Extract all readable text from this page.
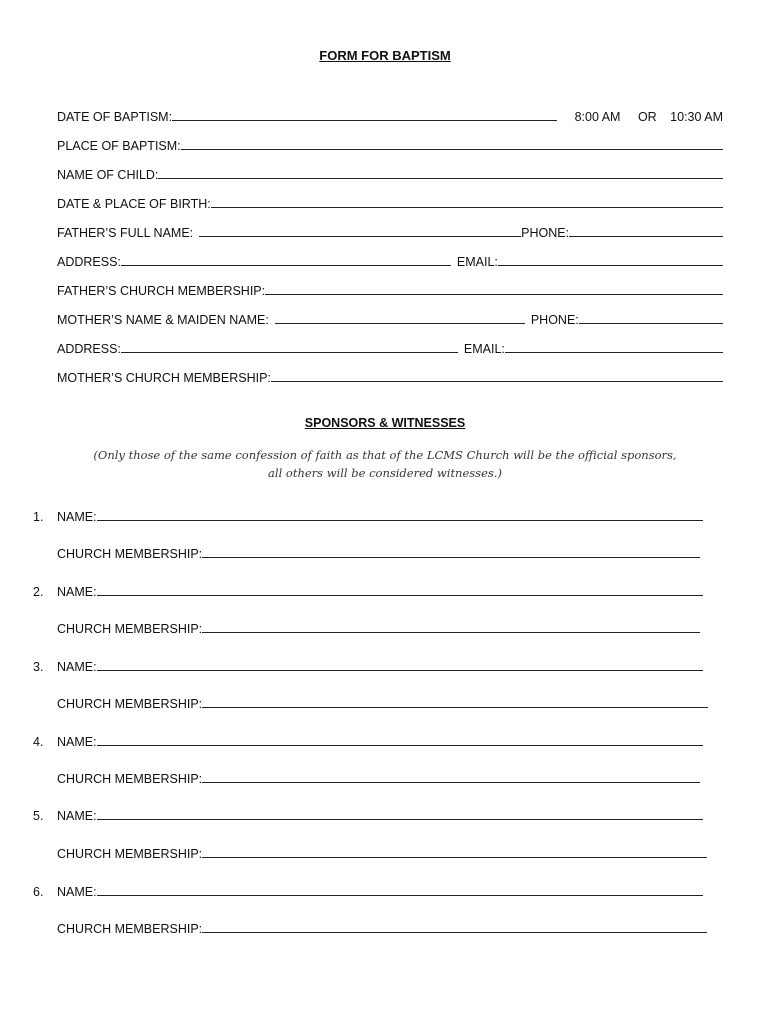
FORM FOR BAPTISM
DATE OF BAPTISM:	8:00 AM OR 10:30 AM
PLACE OF BAPTISM:
NAME OF CHILD:
DATE & PLACE OF BIRTH:
FATHER’S FULL NAME:	PHONE:
ADDRESS:	EMAIL:
FATHER’S CHURCH MEMBERSHIP:
MOTHER’S NAME & MAIDEN NAME:	PHONE:
ADDRESS:	EMAIL:
MOTHER’S CHURCH MEMBERSHIP:
SPONSORS & WITNESSES
(Only those of the same confession of faith as that of the LCMS Church will be the official sponsors,
all others will be considered witnesses.)
1.	NAME:
CHURCH MEMBERSHIP:
2.	NAME:
CHURCH MEMBERSHIP:
3.	NAME:
CHURCH MEMBERSHIP:
4.	NAME:
CHURCH MEMBERSHIP:
5.	NAME:
CHURCH MEMBERSHIP:
6.	NAME:
CHURCH MEMBERSHIP:
